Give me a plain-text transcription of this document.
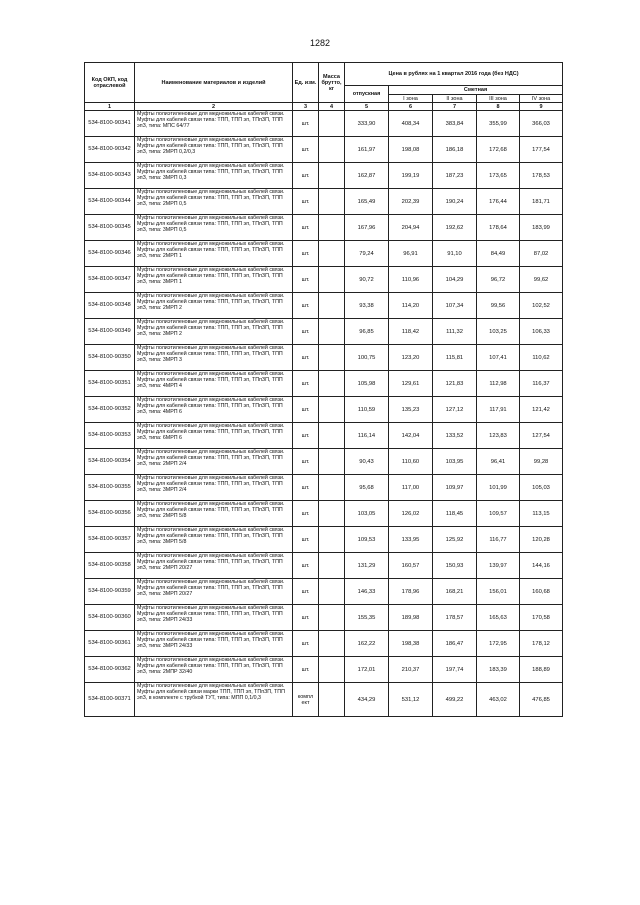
1282
Код ОКП, код отраслевой	Наименование материалов и изделий	Ед. изм.	Масса брутто, кг	Цена в рублях на 1 квартал 2016 года (без НДС)				
				отпускная	Сметная			
					I зона	II зона	III зона	IV зона
1	2	3	4	5	6	7	8	9
534-8100-90341	Муфты полиэтиленовые для медножильных кабелей связи. Муфты для кабелей связи типа: ТПП, ТПП эп, ТПпЗП, ТПП эпЗ, типа: МПС 64/77	шт.		333,90	408,34	383,84	355,99	366,03
534-8100-90342	Муфты полиэтиленовые для медножильных кабелей связи. Муфты для кабелей связи типа: ТПП, ТПП эп, ТПпЗП, ТПП эпЗ, типа: 2МРП 0,2/0,3	шт.		161,97	198,08	186,18	172,68	177,54
534-8100-90343	Муфты полиэтиленовые для медножильных кабелей связи. Муфты для кабелей связи типа: ТПП, ТПП эп, ТПпЗП, ТПП эпЗ, типа: 3МРП 0,3	шт.		162,87	199,19	187,23	173,65	178,53
534-8100-90344	Муфты полиэтиленовые для медножильных кабелей связи. Муфты для кабелей связи типа: ТПП, ТПП эп, ТПпЗП, ТПП эпЗ, типа: 2МРП 0,5	шт.		165,49	202,39	190,24	176,44	181,71
534-8100-90345	Муфты полиэтиленовые для медножильных кабелей связи. Муфты для кабелей связи типа: ТПП, ТПП эп, ТПпЗП, ТПП эпЗ, типа: 3МРП 0,5	шт.		167,96	204,94	192,62	178,64	183,99
534-8100-90346	Муфты полиэтиленовые для медножильных кабелей связи. Муфты для кабелей связи типа: ТПП, ТПП эп, ТПпЗП, ТПП эпЗ, типа: 2МРП 1	шт.		79,24	96,91	91,10	84,49	87,02
534-8100-90347	Муфты полиэтиленовые для медножильных кабелей связи. Муфты для кабелей связи типа: ТПП, ТПП эп, ТПпЗП, ТПП эпЗ, типа: 3МРП 1	шт.		90,72	110,96	104,29	96,72	99,62
534-8100-90348	Муфты полиэтиленовые для медножильных кабелей связи. Муфты для кабелей связи типа: ТПП, ТПП эп, ТПпЗП, ТПП эпЗ, типа: 2МРП 2	шт.		93,38	114,20	107,34	99,56	102,52
534-8100-90349	Муфты полиэтиленовые для медножильных кабелей связи. Муфты для кабелей связи типа: ТПП, ТПП эп, ТПпЗП, ТПП эпЗ, типа: 3МРП 2	шт.		96,85	118,42	111,32	103,25	106,33
534-8100-90350	Муфты полиэтиленовые для медножильных кабелей связи. Муфты для кабелей связи типа: ТПП, ТПП эп, ТПпЗП, ТПП эпЗ, типа: 3МРП 3	шт.		100,75	123,20	115,81	107,41	110,62
534-8100-90351	Муфты полиэтиленовые для медножильных кабелей связи. Муфты для кабелей связи типа: ТПП, ТПП эп, ТПпЗП, ТПП эпЗ, типа: 4МРП 4	шт.		105,98	129,61	121,83	112,98	116,37
534-8100-90352	Муфты полиэтиленовые для медножильных кабелей связи. Муфты для кабелей связи типа: ТПП, ТПП эп, ТПпЗП, ТПП эпЗ, типа: 4МРП 6	шт.		110,59	135,23	127,12	117,91	121,42
534-8100-90353	Муфты полиэтиленовые для медножильных кабелей связи. Муфты для кабелей связи типа: ТПП, ТПП эп, ТПпЗП, ТПП эпЗ, типа: 6МРП 6	шт.		116,14	142,04	133,52	123,83	127,54
534-8100-90354	Муфты полиэтиленовые для медножильных кабелей связи. Муфты для кабелей связи типа: ТПП, ТПП эп, ТПпЗП, ТПП эпЗ, типа: 2МРП 2/4	шт.		90,43	110,60	103,95	96,41	99,28
534-8100-90355	Муфты полиэтиленовые для медножильных кабелей связи. Муфты для кабелей связи типа: ТПП, ТПП эп, ТПпЗП, ТПП эпЗ, типа: 3МРП 2/4	шт.		95,68	117,00	109,97	101,99	105,03
534-8100-90356	Муфты полиэтиленовые для медножильных кабелей связи. Муфты для кабелей связи типа: ТПП, ТПП эп, ТПпЗП, ТПП эпЗ, типа: 2МРП 5/8	шт.		103,05	126,02	118,45	109,57	113,15
534-8100-90357	Муфты полиэтиленовые для медножильных кабелей связи. Муфты для кабелей связи типа: ТПП, ТПП эп, ТПпЗП, ТПП эпЗ, типа: 3МРП 5/8	шт.		109,53	133,95	125,92	116,77	120,28
534-8100-90358	Муфты полиэтиленовые для медножильных кабелей связи. Муфты для кабелей связи типа: ТПП, ТПП эп, ТПпЗП, ТПП эпЗ, типа: 2МРП 20/27	шт.		131,29	160,57	150,93	139,97	144,16
534-8100-90359	Муфты полиэтиленовые для медножильных кабелей связи. Муфты для кабелей связи типа: ТПП, ТПП эп, ТПпЗП, ТПП эпЗ, типа: 3МРП 20/27	шт.		146,33	178,96	168,21	156,01	160,68
534-8100-90360	Муфты полиэтиленовые для медножильных кабелей связи. Муфты для кабелей связи типа: ТПП, ТПП эп, ТПпЗП, ТПП эпЗ, типа: 2МРП 24/33	шт.		155,35	189,98	178,57	165,63	170,58
534-8100-90361	Муфты полиэтиленовые для медножильных кабелей связи. Муфты для кабелей связи типа: ТПП, ТПП эп, ТПпЗП, ТПП эпЗ, типа: 3МРП 24/33	шт.		162,22	198,38	186,47	172,95	178,12
534-8100-90362	Муфты полиэтиленовые для медножильных кабелей связи. Муфты для кабелей связи типа: ТПП, ТПП эп, ТПпЗП, ТПП эпЗ, типа: 2МПР 32/40	шт.		172,01	210,37	197,74	183,39	188,89
534-8100-90371	Муфты полиэтиленовые для медножильных кабелей связи. Муфты для кабелей связи марки ТПП, ТПП эп, ТПпЗП, ТПП эпЗ, в комплекте с трубкой ТУТ, типа: МПП 0,1/0,3	компл ект		434,29	531,12	499,22	463,02	476,85
